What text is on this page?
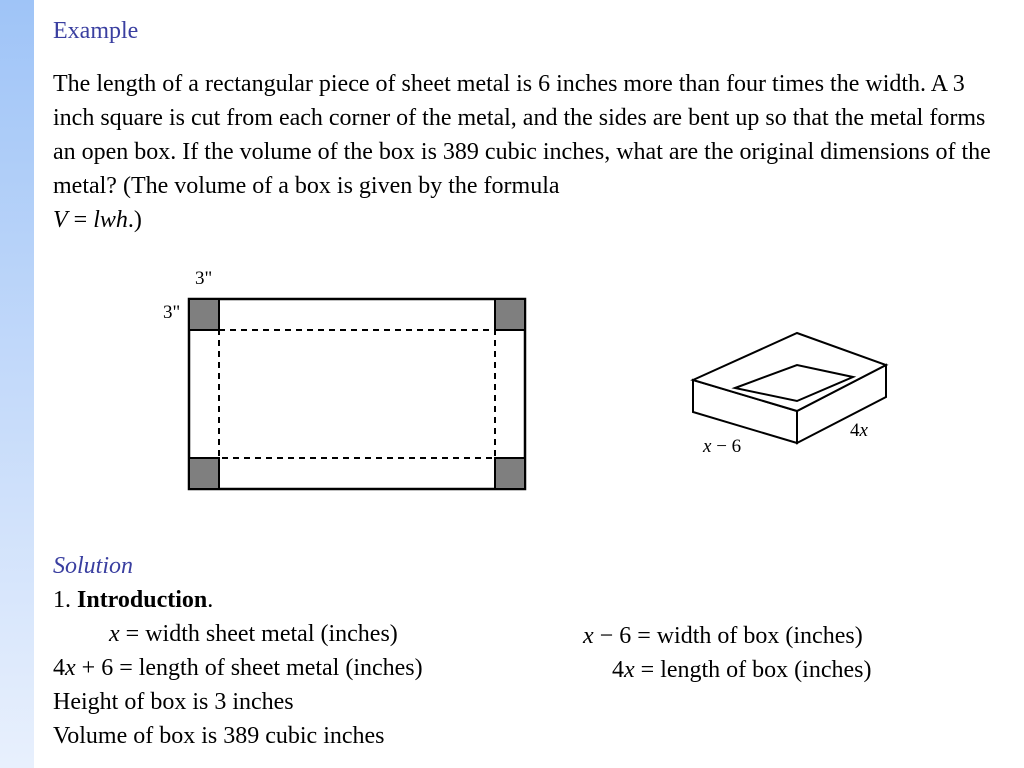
Example

The length of a rectangular piece of sheet metal is 6 inches more than four times the width. A 3 inch square is cut from each corner of the metal, and the sides are bent up so that the metal forms an open box. If the volume of the box is 389 cubic inches, what are the original dimensions of the metal? (The volume of a box is given by the formula

V = lwh.)

3"
3"
4x
x − 6
Solution
1. Introduction.
x = width sheet metal (inches)
4x + 6 = length of sheet metal (inches)
Height of box is 3 inches
Volume of box is 389 cubic inches
x − 6 = width of box (inches)
4x = length of box (inches)
